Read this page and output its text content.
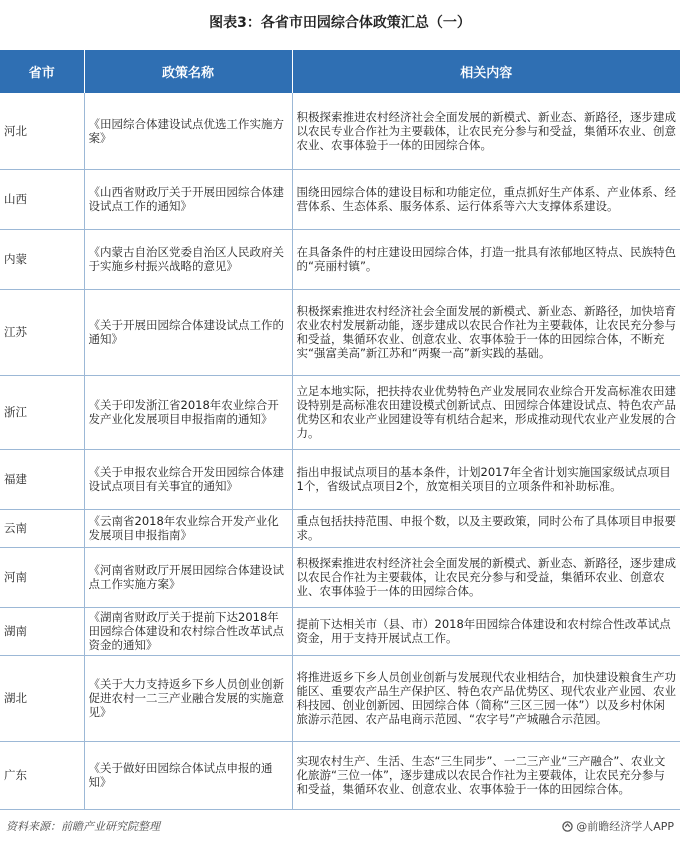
图表3：各省市田园综合体政策汇总（一）
省市	政策名称	相关内容
河北	《田园综合体建设试点优选工作实施方案》	积极探索推进农村经济社会全面发展的新模式、新业态、新路径，逐步建成以农民专业合作社为主要载体，让农民充分参与和受益，集循环农业、创意农业、农事体验于一体的田园综合体。
山西	《山西省财政厅关于开展田园综合体建设试点工作的通知》	围绕田园综合体的建设目标和功能定位，重点抓好生产体系、产业体系、经营体系、生态体系、服务体系、运行体系等六大支撑体系建设。
内蒙	《内蒙古自治区党委自治区人民政府关于实施乡村振兴战略的意见》	在具备条件的村庄建设田园综合体，打造一批具有浓郁地区特点、民族特色的“亮丽村镇”。
江苏	《关于开展田园综合体建设试点工作的通知》	积极探索推进农村经济社会全面发展的新模式、新业态、新路径，加快培育农业农村发展新动能，逐步建成以农民合作社为主要载体，让农民充分参与和受益，集循环农业、创意农业、农事体验于一体的田园综合体，不断充实“强富美高”新江苏和“两聚一高”新实践的基础。
浙江	《关于印发浙江省2018年农业综合开发产业化发展项目申报指南的通知》	立足本地实际，把扶持农业优势特色产业发展同农业综合开发高标准农田建设特别是高标准农田建设模式创新试点、田园综合体建设试点、特色农产品优势区和农业产业园建设等有机结合起来，形成推动现代农业产业发展的合力。
福建	《关于申报农业综合开发田园综合体建设试点项目有关事宜的通知》	指出申报试点项目的基本条件，计划2017年全省计划实施国家级试点项目1个，省级试点项目2个，放宽相关项目的立项条件和补助标准。
云南	《云南省2018年农业综合开发产业化发展项目申报指南》	重点包括扶持范围、申报个数，以及主要政策，同时公布了具体项目申报要求。
河南	《河南省财政厅开展田园综合体建设试点工作实施方案》	积极探索推进农村经济社会全面发展的新模式、新业态、新路径，逐步建成以农民合作社为主要载体，让农民充分参与和受益，集循环农业、创意农业、农事体验于一体的田园综合体。
湖南	《湖南省财政厅关于提前下达2018年田园综合体建设和农村综合性改革试点资金的通知》	提前下达相关市（县、市）2018年田园综合体建设和农村综合性改革试点资金，用于支持开展试点工作。
湖北	《关于大力支持返乡下乡人员创业创新促进农村一二三产业融合发展的实施意见》	将推进返乡下乡人员创业创新与发展现代农业相结合，加快建设粮食生产功能区、重要农产品生产保护区、特色农产品优势区、现代农业产业园、农业科技园、创业创新园、田园综合体（简称“三区三园一体”）以及乡村休闲旅游示范园、农产品电商示范园、“农字号”产城融合示范园。
广东	《关于做好田园综合体试点申报的通知》	实现农村生产、生活、生态“三生同步”、一二三产业“三产融合”、农业文化旅游“三位一体”，逐步建成以农民合作社为主要载体，让农民充分参与和受益，集循环农业、创意农业、农事体验于一体的田园综合体。
资料来源：前瞻产业研究院整理	@前瞻经济学人APP
